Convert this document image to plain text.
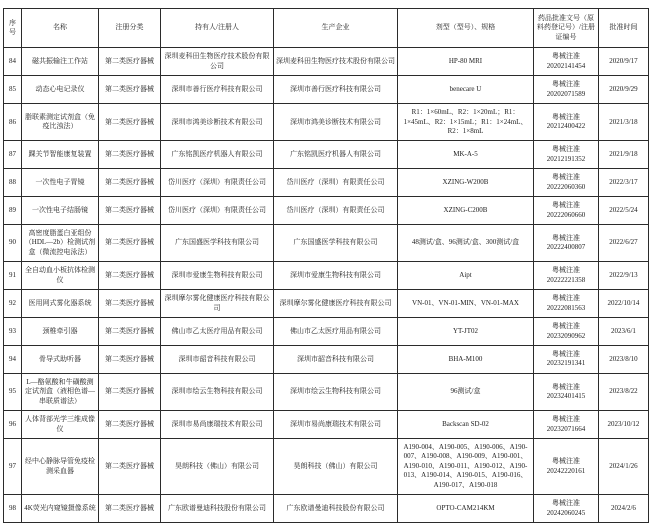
序号	名称	注册分类	持有人/注册人	生产企业	剂型（型号）、规格	药品批准文号（原料药登记号）/注册证编号	批准时间
84	磁共振输注工作站	第二类医疗器械	深圳麦科田生物医疗技术股份有限公司	深圳麦科田生物医疗技术股份有限公司	HP-80 MRI	粤械注准20202141454	2020/9/17
85	动态心电记录仪	第二类医疗器械	深圳市善行医疗科技有限公司	深圳市善行医疗科技有限公司	benecare U	粤械注准20202071589	2020/9/29
86	脂联素测定试剂盒（免疫比浊法）	第二类医疗器械	深圳市鸿美诊断技术有限公司	深圳市鸿美诊断技术有限公司	R1：1×60mL、R2：1×20mL；R1：1×45mL、R2：1×15mL；R1：1×24mL、R2：1×8mL	粤械注准20212400422	2021/3/18
87	踝关节智能康复装置	第二类医疗器械	广东铭凯医疗机器人有限公司	广东铭凯医疗机器人有限公司	MK-A-5	粤械注准20212191352	2021/9/18
88	一次性电子胃镜	第二类医疗器械	岱川医疗（深圳）有限责任公司	岱川医疗（深圳）有限责任公司	XZING-W200B	粤械注准20222060360	2022/3/17
89	一次性电子结肠镜	第二类医疗器械	岱川医疗（深圳）有限责任公司	岱川医疗（深圳）有限责任公司	XZING-C200B	粤械注准20222060660	2022/5/24
90	高密度脂蛋白亚组份（HDL—2b）检测试剂盒（微流控电泳法）	第二类医疗器械	广东国盛医学科技有限公司	广东国盛医学科技有限公司	48测试/盒、96测试/盒、300测试/盒	粤械注准20222400807	2022/6/27
91	全自动血小板抗体检测仪	第二类医疗器械	深圳市爱康生物科技有限公司	深圳市爱康生物科技有限公司	Aipt	粤械注准20222221358	2022/9/13
92	医用网式雾化器系统	第二类医疗器械	深圳摩尔雾化健康医疗科技有限公司	深圳摩尔雾化健康医疗科技有限公司	VN-01、VN-01-MIN、VN-01-MAX	粤械注准20222081563	2022/10/14
93	颈椎牵引器	第二类医疗器械	佛山市乙太医疗用品有限公司	佛山市乙太医疗用品有限公司	YT-JT02	粤械注准20232090962	2023/6/1
94	骨导式助听器	第二类医疗器械	深圳市韶音科技有限公司	深圳市韶音科技有限公司	BHA-M100	粤械注准20232191341	2023/8/10
95	L—酪氨酸和牛磺酸测定试剂盒（液相色谱—串联质谱法）	第二类医疗器械	深圳市绘云生物科技有限公司	深圳市绘云生物科技有限公司	96测试/盒	粤械注准20232401415	2023/8/22
96	人体背部光学三维成像仪	第二类医疗器械	深圳市易尚康瑞技术有限公司	深圳市易尚康瑞技术有限公司	Backscan SD-02	粤械注准20232071664	2023/10/12
97	经中心静脉导管免疫检测采血器	第二类医疗器械	昊朗科技（佛山）有限公司	昊朗科技（佛山）有限公司	A190-004、A190-005、A190-006、A190-007、A190-008、A190-009、A190-001、A190-010、A190-011、A190-012、A190-013、A190-014、A190-015、A190-016、A190-017、A190-018	粤械注准20242220161	2024/1/26
98	4K荧光内窥镜摄像系统	第二类医疗器械	广东欧谱曼迪科技股份有限公司	广东欧谱曼迪科技股份有限公司	OPTO-CAM214KM	粤械注准20242060245	2024/2/6
